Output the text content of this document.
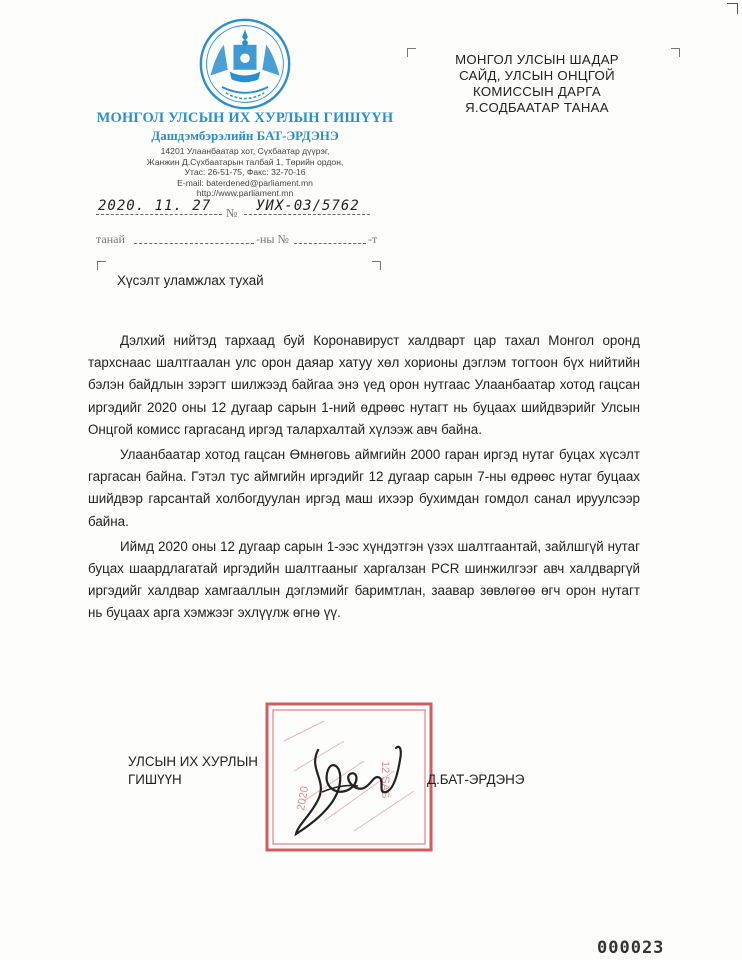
МОНГОЛ УЛСЫН ИХ ХУРЛЫН ГИШҮҮН
Дашдэмбэрэлийн БАТ-ЭРДЭНЭ
14201 Улаанбаатар хот, Сүхбаатар дүүрэг,
Жанжин Д.Сүхбаатарын талбай 1, Төрийн ордон,
Утас: 26-51-75, Факс: 32-70-16
E-mail: baterdened@parliament.mn
http://www.parliament.mn
2020. 11. 27 № УИХ-03/5762
танай	-ны №	-т
МОНГОЛ УЛСЫН ШАДАР
САЙД, УЛСЫН ОНЦГОЙ
КОМИССЫН ДАРГА
Я.СОДБААТАР ТАНАА
Хүсэлт уламжлах тухай

Дэлхий нийтэд тархаад буй Коронавируст халдварт цар тахал Монгол оронд тархснаас шалтгаалан улс орон даяар хатуу хөл хорионы дэглэм тогтоон бүх нийтийн бэлэн байдлын зэрэгт шилжээд байгаа энэ үед орон нутгаас Улаанбаатар хотод гацсан иргэдийг 2020 оны 12 дугаар сарын 1-ний өдрөөс нутагт нь буцаах шийдвэрийг Улсын Онцгой комисс гаргасанд иргэд талархалтай хүлээж авч байна.

Улаанбаатар хотод гацсан Өмнөговь аймгийн 2000 гаран иргэд нутаг буцах хүсэлт гаргасан байна. Гэтэл тус аймгийн иргэдийг 12 дугаар сарын 7-ны өдрөөс нутаг буцаах шийдвэр гарсантай холбогдуулан иргэд маш ихээр бухимдан гомдол санал ируулсээр байна.

Иймд 2020 оны 12 дугаар сарын 1-ээс хүндэтгэн үзэх шалтгаантай, зайлшгүй нутаг буцах шаардлагатай иргэдийн шалтгааныг харгалзан PCR шинжилгээг авч халдваргүй иргэдийг халдвар хамгааллын дэглэмийг баримтлан, заавар зөвлөгөө өгч орон нутагт нь буцаах арга хэмжээг эхлүүлж өгнө үү.

12 SAS
2020
УЛСЫН ИХ ХУРЛЫН
ГИШҮҮН	Д.БАТ-ЭРДЭНЭ
000023
